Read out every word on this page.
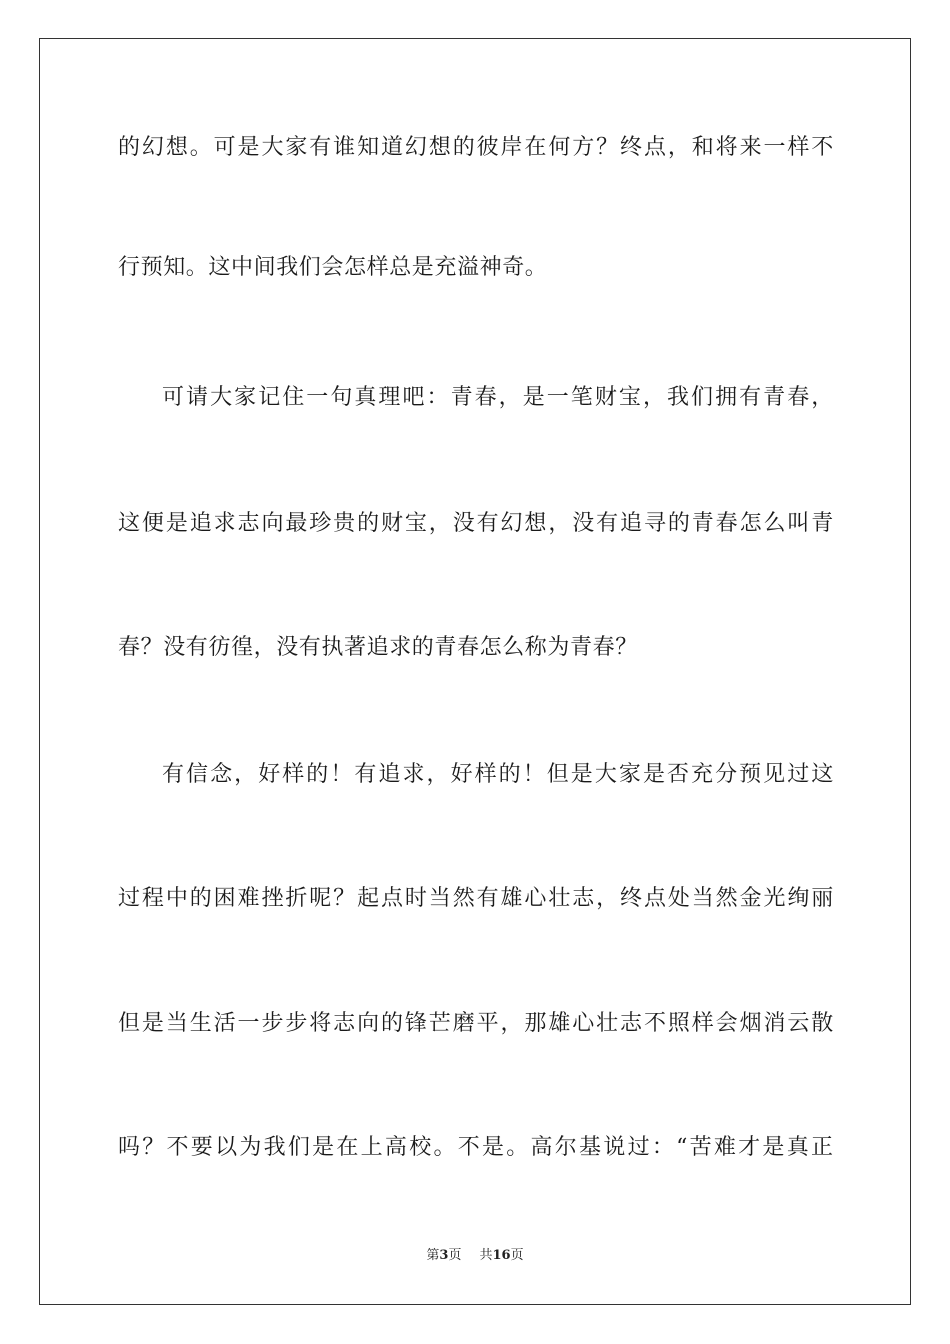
的 幻 想 。 可 是 大 家 有 谁 知 道 幻 想 的 彼 岸 在 何 方 ？ 终 点 ， 和 将 来 一 样 不
行预知。这中间我们会怎样总是充溢神奇。
可 请 大 家 记 住 一 句 真 理 吧 ： 青 春 ， 是 一 笔 财 宝 ， 我 们 拥 有 青 春 ，
这 便 是 追 求 志 向 最 珍 贵 的 财 宝 ， 没 有 幻 想 ， 没 有 追 寻 的 青 春 怎 么 叫 青
春？没有彷徨，没有执著追求的青春怎么称为青春？
有 信 念 ， 好 样 的 ！ 有 追 求 ， 好 样 的 ！ 但 是 大 家 是 否 充 分 预 见 过 这
过 程 中 的 困 难 挫 折 呢 ？ 起 点 时 当 然 有 雄 心 壮 志 ， 终 点 处 当 然 金 光 绚 丽
但 是 当 生 活 一 步 步 将 志 向 的 锋 芒 磨 平 ， 那 雄 心 壮 志 不 照 样 会 烟 消 云 散
吗 ？ 不 要 以 为 我 们 是 在 上 高 校 。 不 是 。 高 尔 基 说 过 ： “ 苦 难 才 是 真 正
第3页 共16页
